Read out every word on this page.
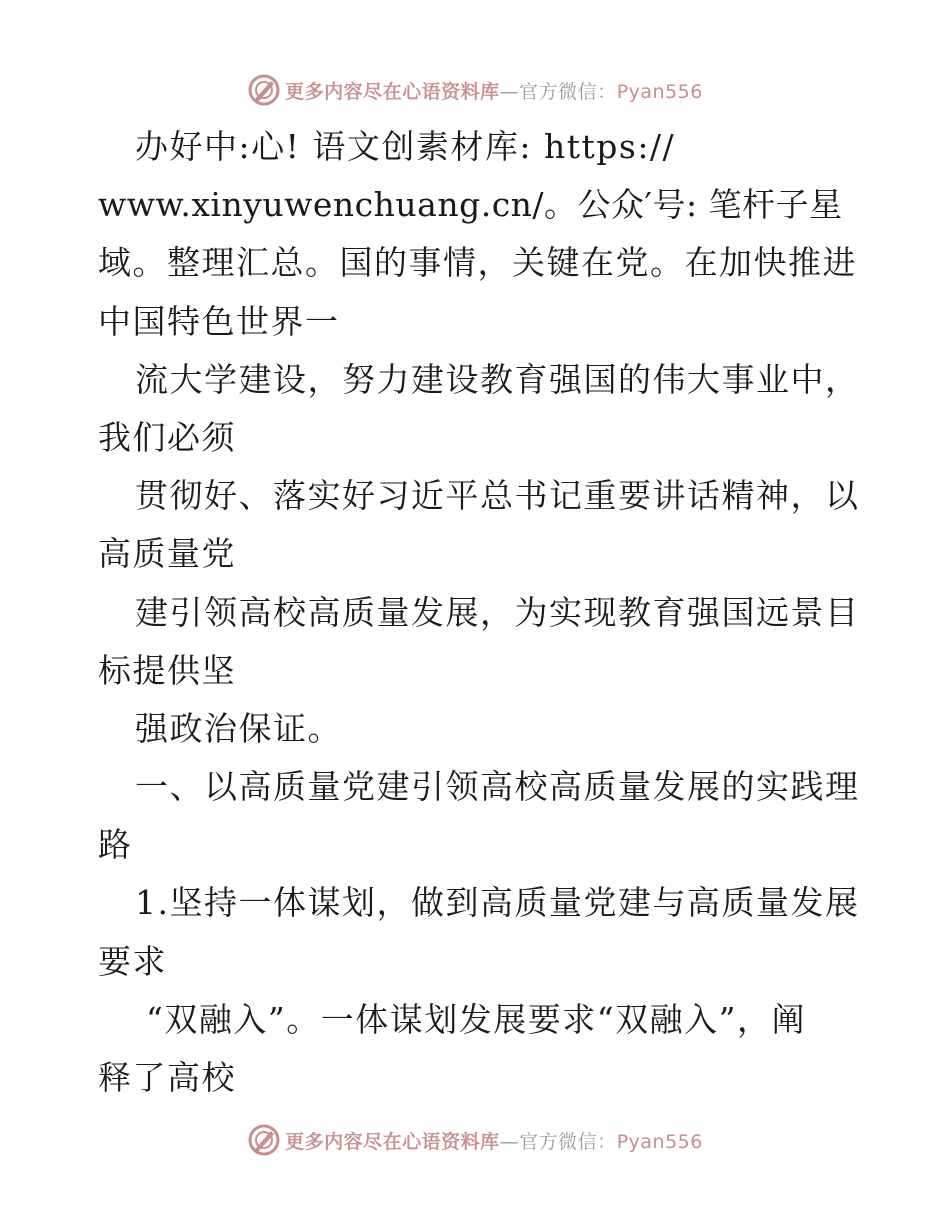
更多内容尽在心语资料库—官方微信：Pyan556
办好中:心! 语文创素材库: https://
www.xinyuwenchuang.cn/。公众′号: 笔杆子星
域。整理汇总。国的事情，关键在党。在加快推进
中国特色世界一
流大学建设，努力建设教育强国的伟大事业中，
我们必须
贯彻好、落实好习近平总书记重要讲话精神，以
高质量党
建引领高校高质量发展，为实现教育强国远景目
标提供坚
强政治保证。
一、以高质量党建引领高校高质量发展的实践理
路
1.坚持一体谋划，做到高质量党建与高质量发展
要求
“双融入”。一体谋划发展要求“双融入”，阐
释了高校
更多内容尽在心语资料库—官方微信：Pyan556
